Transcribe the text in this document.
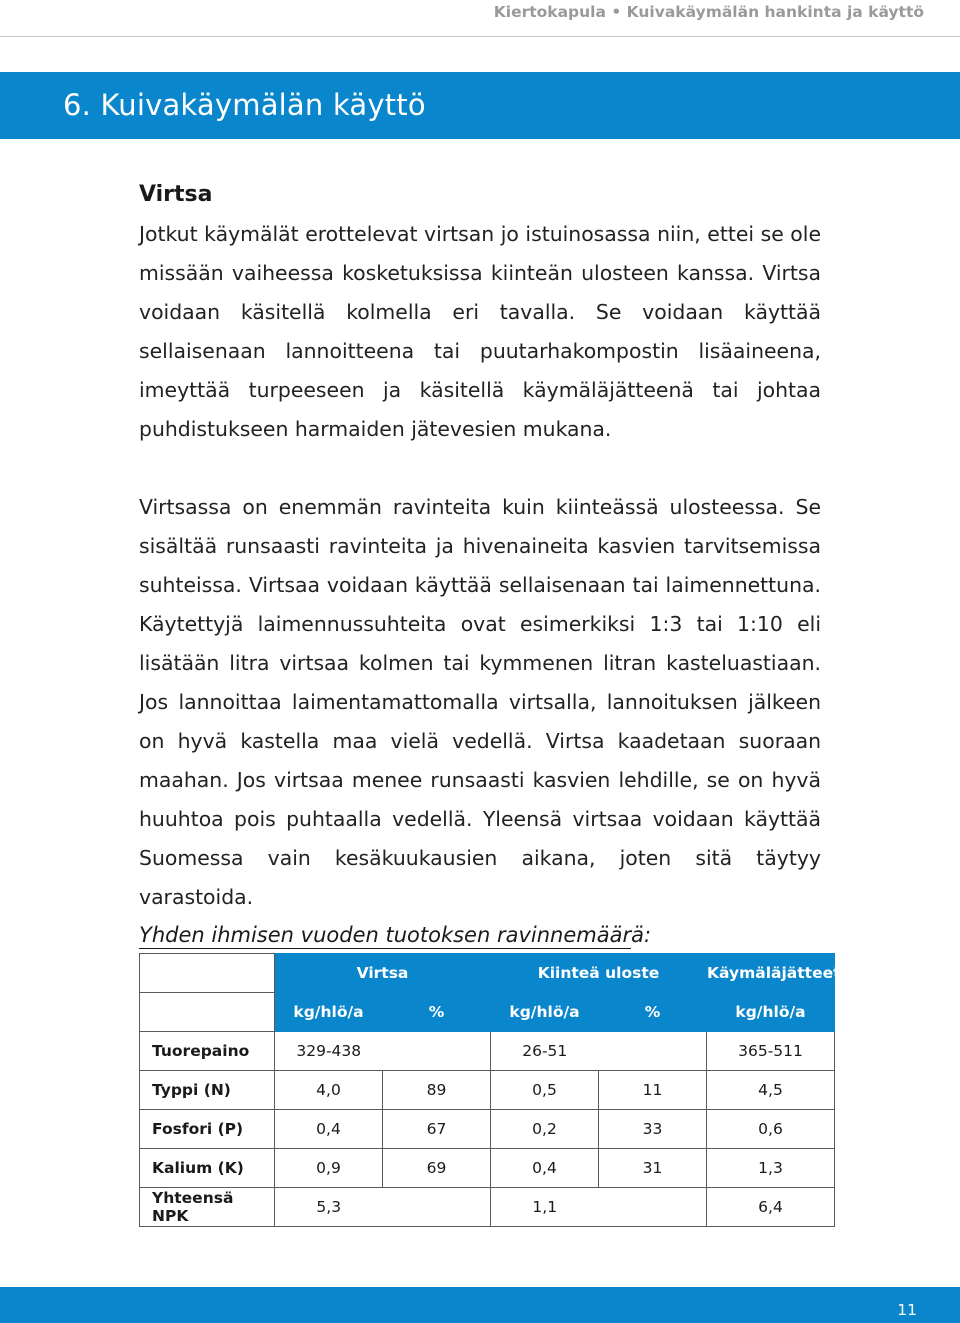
Kiertokapula • Kuivakäymälän hankinta ja käyttö
6. Kuivakäymälän käyttö
Virtsa
Jotkut käymälät erottelevat virtsan jo istuinosassa niin, ettei se ole missään vaiheessa kosketuksissa kiinteän ulosteen kanssa. Virtsa voidaan käsitellä kolmella eri tavalla. Se voidaan käyttää sellaisenaan lannoitteena tai puutarhakompostin lisäaineena, imeyttää turpeeseen ja käsitellä käymäläjätteenä tai johtaa puhdistukseen harmaiden jätevesien mukana.
Virtsassa on enemmän ravinteita kuin kiinteässä ulosteessa. Se sisältää runsaasti ravinteita ja hivenaineita kasvien tarvitsemissa suhteissa. Virtsaa voidaan käyttää sellaisenaan tai laimennettuna. Käytettyjä laimennussuhteita ovat esimerkiksi 1:3 tai 1:10 eli lisätään litra virtsaa kolmen tai kymmenen litran kasteluastiaan. Jos lannoittaa laimentamattomalla virtsalla, lannoituksen jälkeen on hyvä kastella maa vielä vedellä. Virtsa kaadetaan suoraan maahan. Jos virtsaa menee runsaasti kasvien lehdille, se on hyvä huuhtoa pois puhtaalla vedellä. Yleensä virtsaa voidaan käyttää Suomessa vain kesäkuukausien aikana, joten sitä täytyy varastoida.
Yhden ihmisen vuoden tuotoksen ravinnemäärä:
	Virtsa		Kiinteä uloste		Käymäläjätteet
	kg/hlö/a	%	kg/hlö/a	%	kg/hlö/a
Tuorepaino	329-438		26-51		365-511
Typpi (N)	4,0	89	0,5	11	4,5
Fosfori (P)	0,4	67	0,2	33	0,6
Kalium (K)	0,9	69	0,4	31	1,3
Yhteensä NPK	5,3		1,1		6,4
11
